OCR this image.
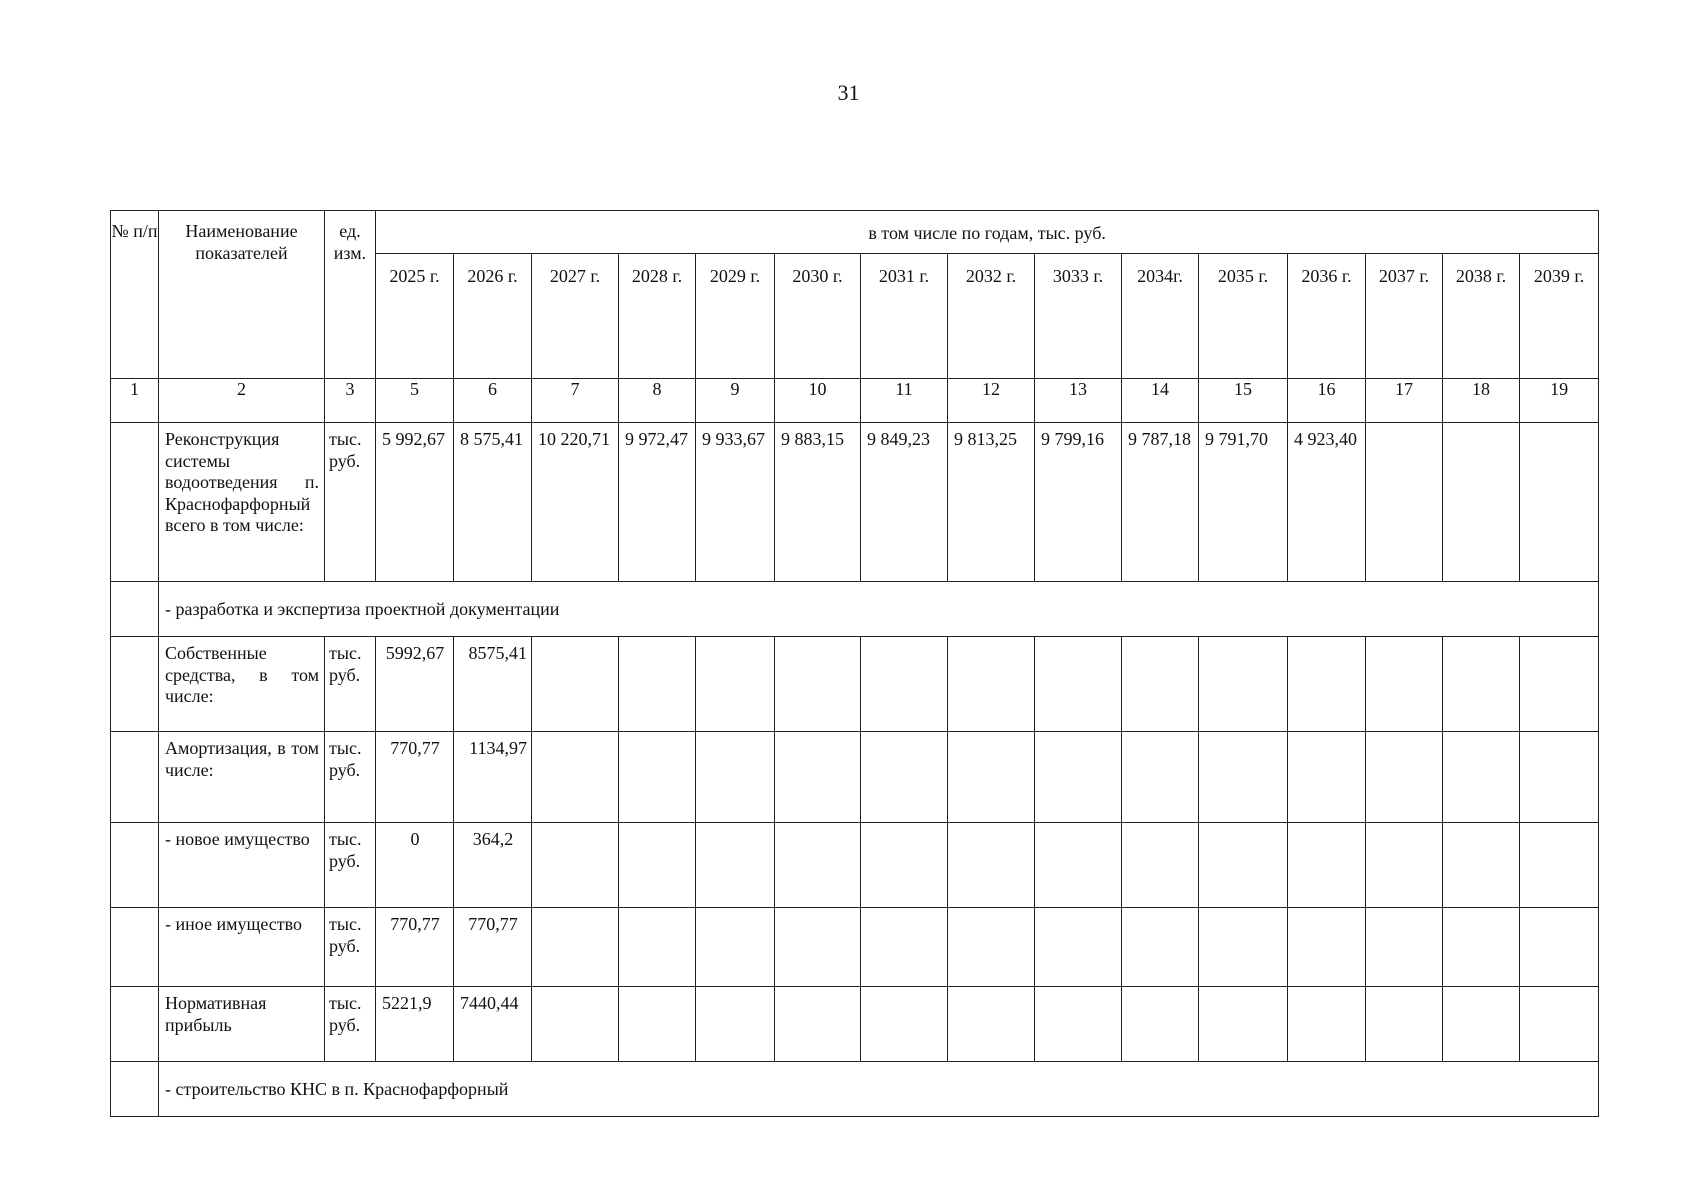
31
№ п/п	Наименование показателей	ед. изм.	в том числе по годам, тыс. руб.														
			2025 г.	2026 г.	2027 г.	2028 г.	2029 г.	2030 г.	2031 г.	2032 г.	3033 г.	2034г.	2035 г.	2036 г.	2037 г.	2038 г.	2039 г.
1	2	3	5	6	7	8	9	10	11	12	13	14	15	16	17	18	19
	Реконструкция системы водоотведения п. Краснофарфорный всего в том числе:	тыс. руб.	5 992,67	8 575,41	10 220,71	9 972,47	9 933,67	9 883,15	9 849,23	9 813,25	9 799,16	9 787,18	9 791,70	4 923,40			
	- разработка и экспертиза проектной документации																
	Собственные средства, в том числе:	тыс. руб.	5992,67	8575,41													
	Амортизация, в том числе:	тыс. руб.	770,77	1134,97													
	- новое имущество	тыс. руб.	0	364,2													
	- иное имущество	тыс. руб.	770,77	770,77													
	Нормативная прибыль	тыс. руб.	5221,9	7440,44													
	- строительство КНС в п. Краснофарфорный																
